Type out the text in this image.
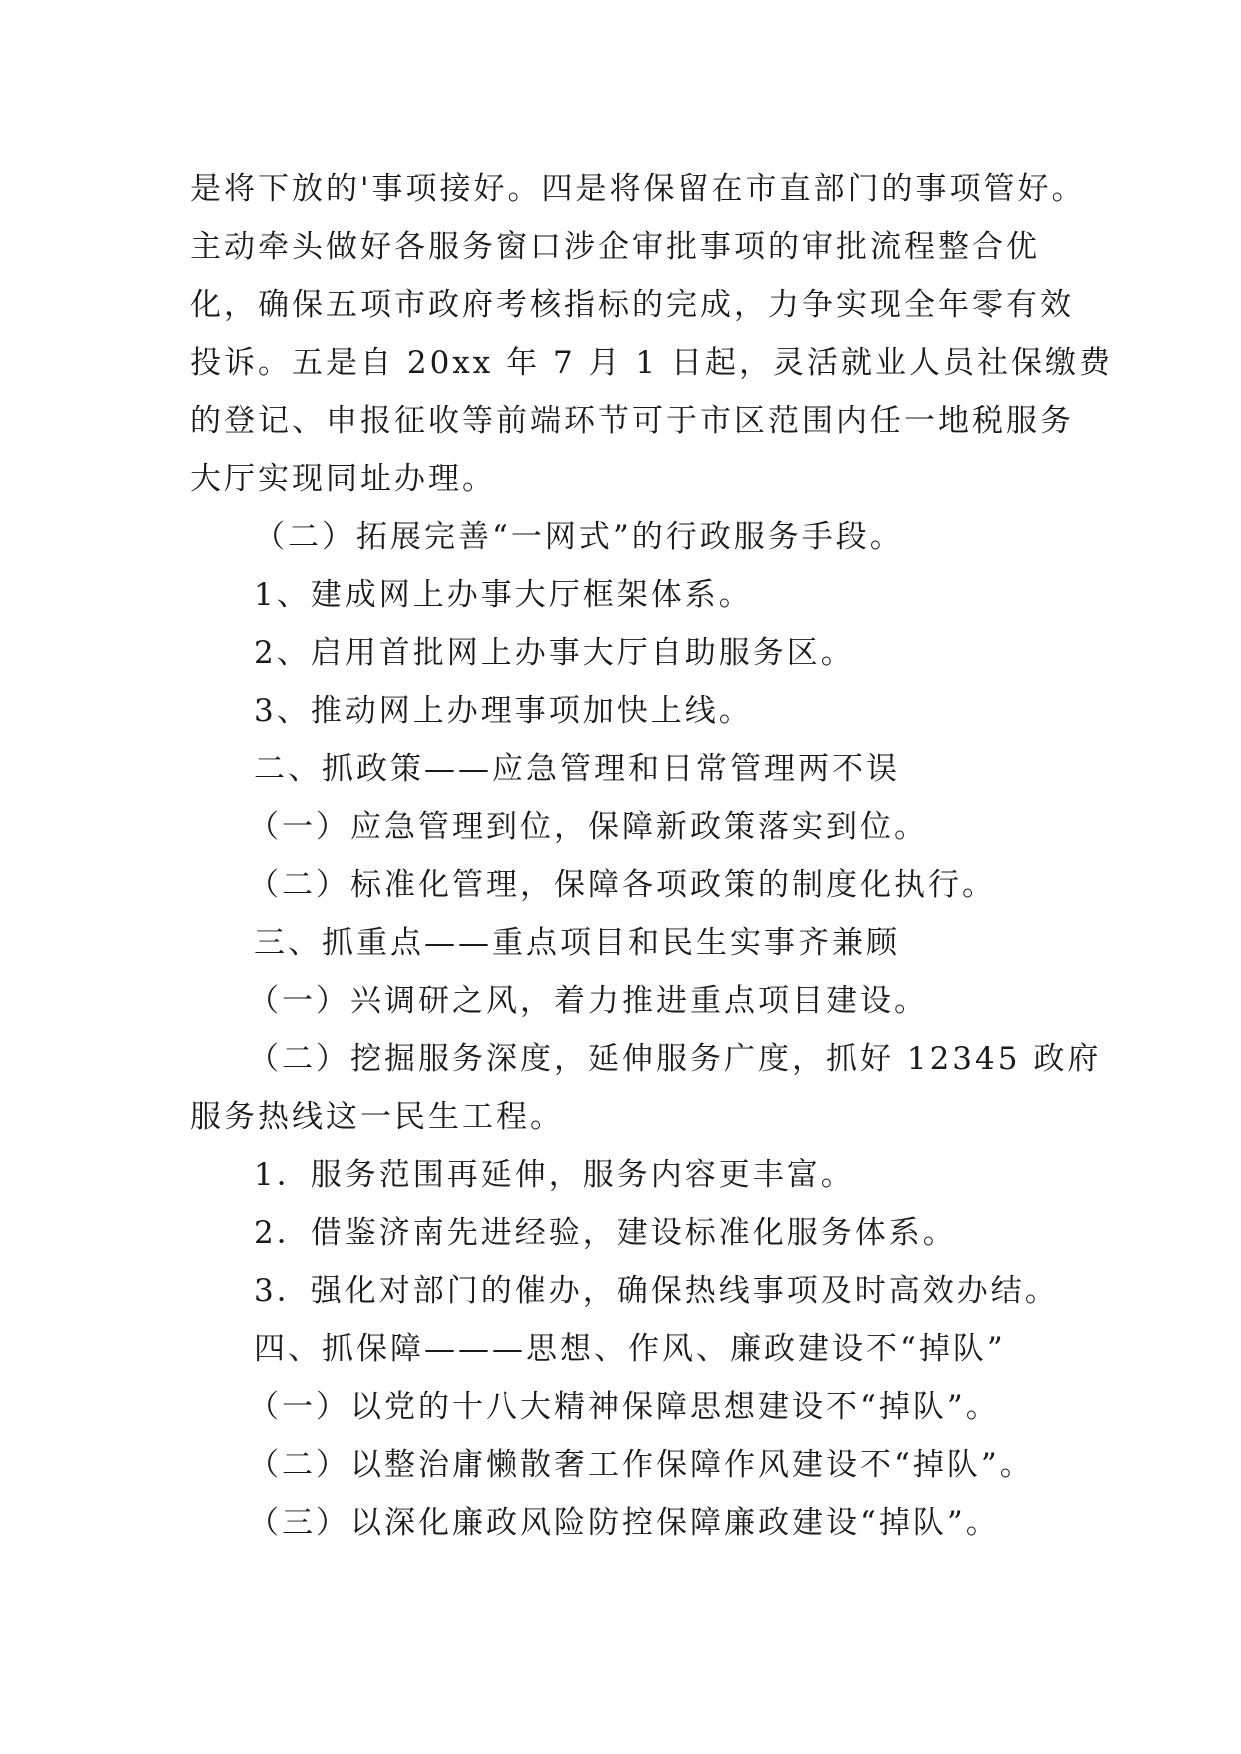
是将下放的'事项接好。四是将保留在市直部门的事项管好。
主动牵头做好各服务窗口涉企审批事项的审批流程整合优
化，确保五项市政府考核指标的完成，力争实现全年零有效
投诉。五是自 20xx 年 7 月 1 日起，灵活就业人员社保缴费
的登记、申报征收等前端环节可于市区范围内任一地税服务
大厅实现同址办理。
（二）拓展完善“一网式”的行政服务手段。
1、建成网上办事大厅框架体系。
2、启用首批网上办事大厅自助服务区。
3、推动网上办理事项加快上线。
二、抓政策——应急管理和日常管理两不误
（一）应急管理到位，保障新政策落实到位。
（二）标准化管理，保障各项政策的制度化执行。
三、抓重点——重点项目和民生实事齐兼顾
（一）兴调研之风，着力推进重点项目建设。
（二）挖掘服务深度，延伸服务广度，抓好 12345 政府
服务热线这一民生工程。
1．服务范围再延伸，服务内容更丰富。
2．借鉴济南先进经验，建设标准化服务体系。
3．强化对部门的催办，确保热线事项及时高效办结。
四、抓保障———思想、作风、廉政建设不“掉队”
（一）以党的十八大精神保障思想建设不“掉队”。
（二）以整治庸懒散奢工作保障作风建设不“掉队”。
（三）以深化廉政风险防控保障廉政建设“掉队”。
